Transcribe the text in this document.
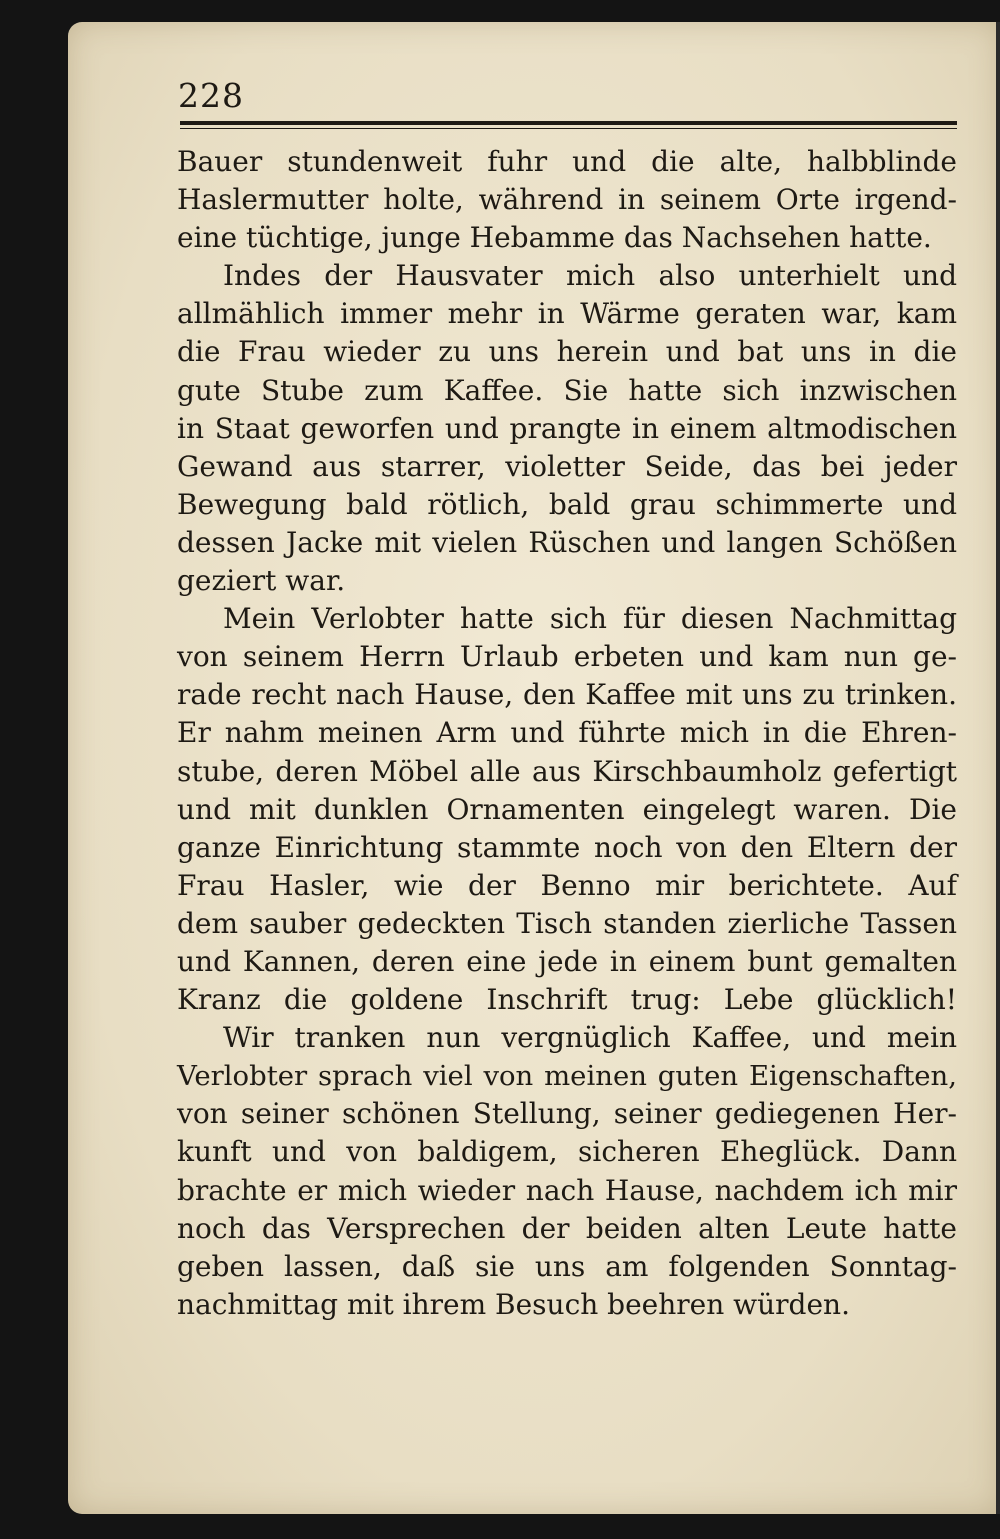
228
Bauer stundenweit fuhr und die alte, halbblinde
Haslermutter holte, während in seinem Orte irgend-
eine tüchtige, junge Hebamme das Nachsehen hatte.
Indes der Hausvater mich also unterhielt und
allmählich immer mehr in Wärme geraten war, kam
die Frau wieder zu uns herein und bat uns in die
gute Stube zum Kaffee. Sie hatte sich inzwischen
in Staat geworfen und prangte in einem altmodischen
Gewand aus starrer, violetter Seide, das bei jeder
Bewegung bald rötlich, bald grau schimmerte und
dessen Jacke mit vielen Rüschen und langen Schößen
geziert war.
Mein Verlobter hatte sich für diesen Nachmittag
von seinem Herrn Urlaub erbeten und kam nun ge-
rade recht nach Hause, den Kaffee mit uns zu trinken.
Er nahm meinen Arm und führte mich in die Ehren-
stube, deren Möbel alle aus Kirschbaumholz gefertigt
und mit dunklen Ornamenten eingelegt waren. Die
ganze Einrichtung stammte noch von den Eltern der
Frau Hasler, wie der Benno mir berichtete. Auf
dem sauber gedeckten Tisch standen zierliche Tassen
und Kannen, deren eine jede in einem bunt gemalten
Kranz die goldene Inschrift trug: Lebe glücklich!
Wir tranken nun vergnüglich Kaffee, und mein
Verlobter sprach viel von meinen guten Eigenschaften,
von seiner schönen Stellung, seiner gediegenen Her-
kunft und von baldigem, sicheren Eheglück. Dann
brachte er mich wieder nach Hause, nachdem ich mir
noch das Versprechen der beiden alten Leute hatte
geben lassen, daß sie uns am folgenden Sonntag-
nachmittag mit ihrem Besuch beehren würden.
